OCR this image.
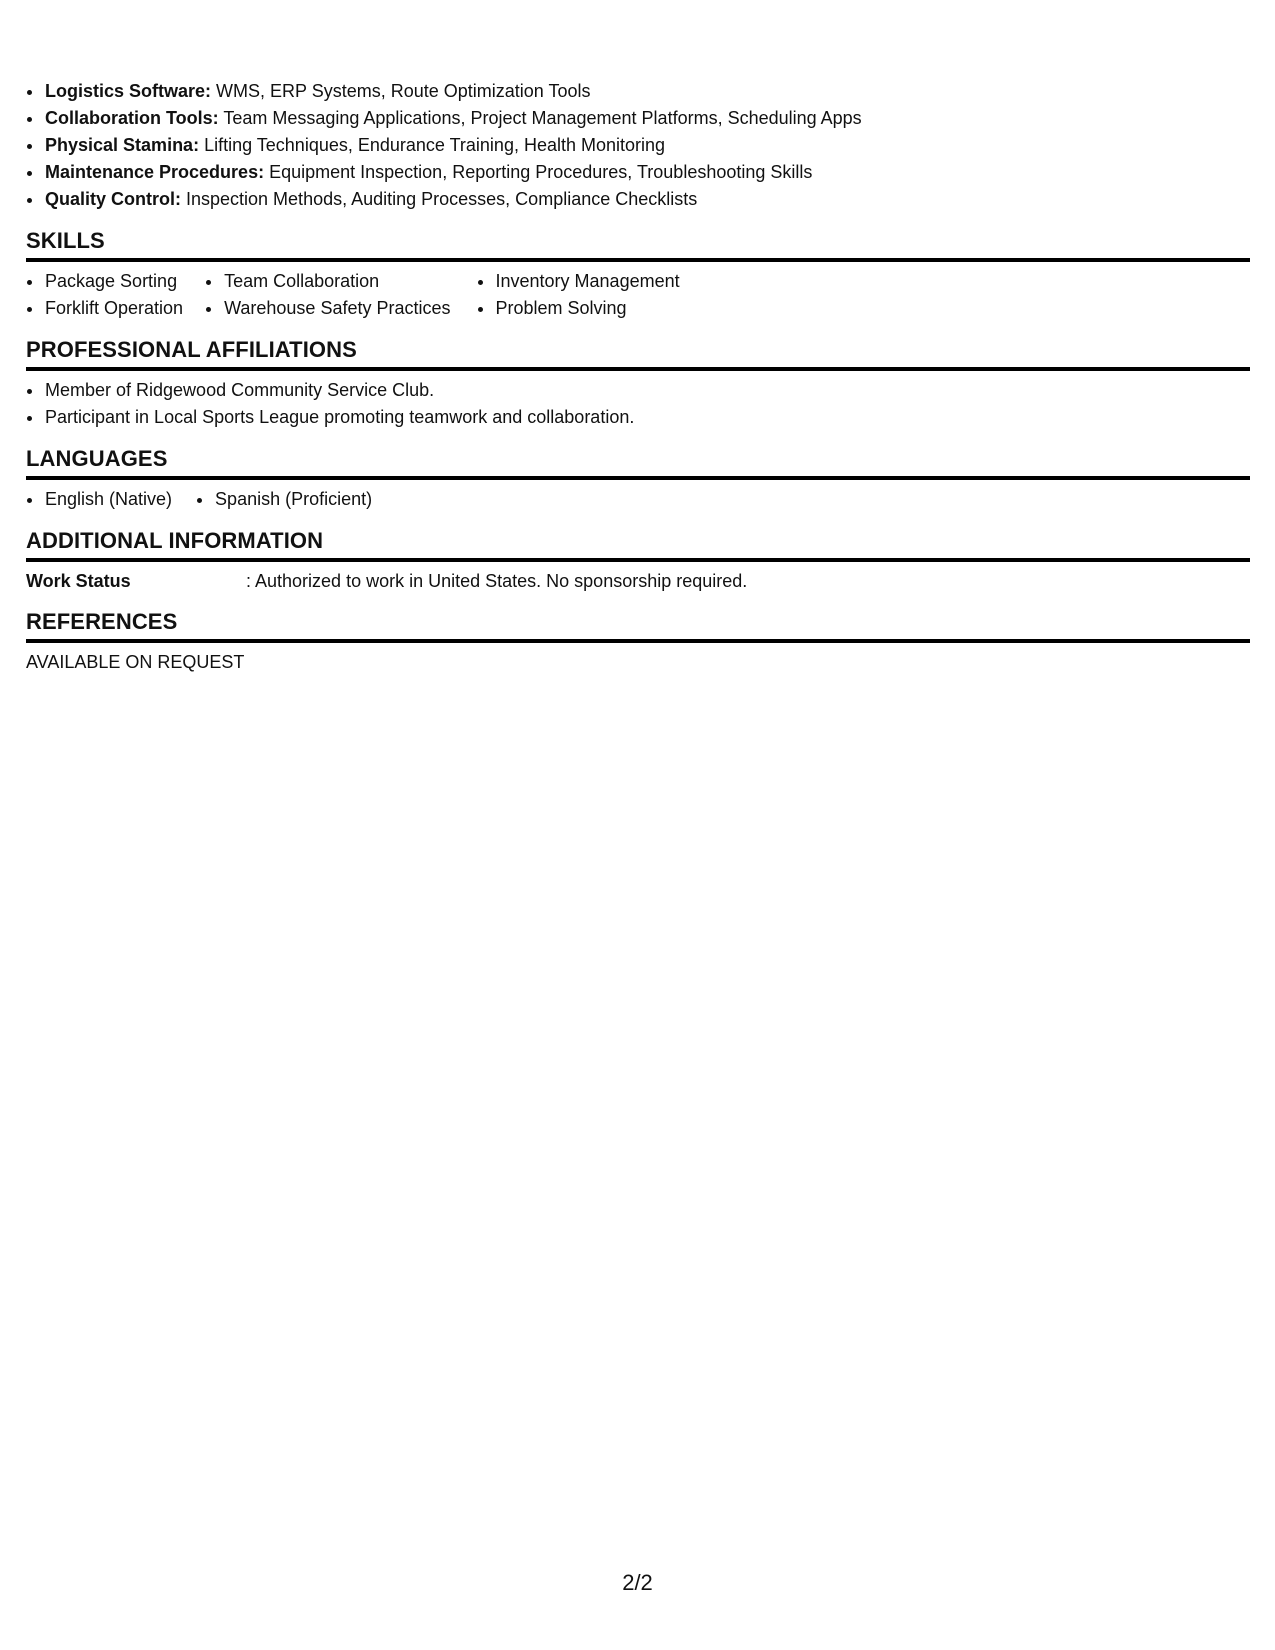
• Logistics Software: WMS, ERP Systems, Route Optimization Tools
• Collaboration Tools: Team Messaging Applications, Project Management Platforms, Scheduling Apps
• Physical Stamina: Lifting Techniques, Endurance Training, Health Monitoring
• Maintenance Procedures: Equipment Inspection, Reporting Procedures, Troubleshooting Skills
• Quality Control: Inspection Methods, Auditing Processes, Compliance Checklists
SKILLS
• Package Sorting
• Forklift Operation
• Team Collaboration
• Warehouse Safety Practices
• Inventory Management
• Problem Solving
PROFESSIONAL AFFILIATIONS
• Member of Ridgewood Community Service Club.
• Participant in Local Sports League promoting teamwork and collaboration.
LANGUAGES
• English (Native)
• Spanish (Proficient)
ADDITIONAL INFORMATION
Work Status	: Authorized to work in United States. No sponsorship required.
REFERENCES
AVAILABLE ON REQUEST
2/2
